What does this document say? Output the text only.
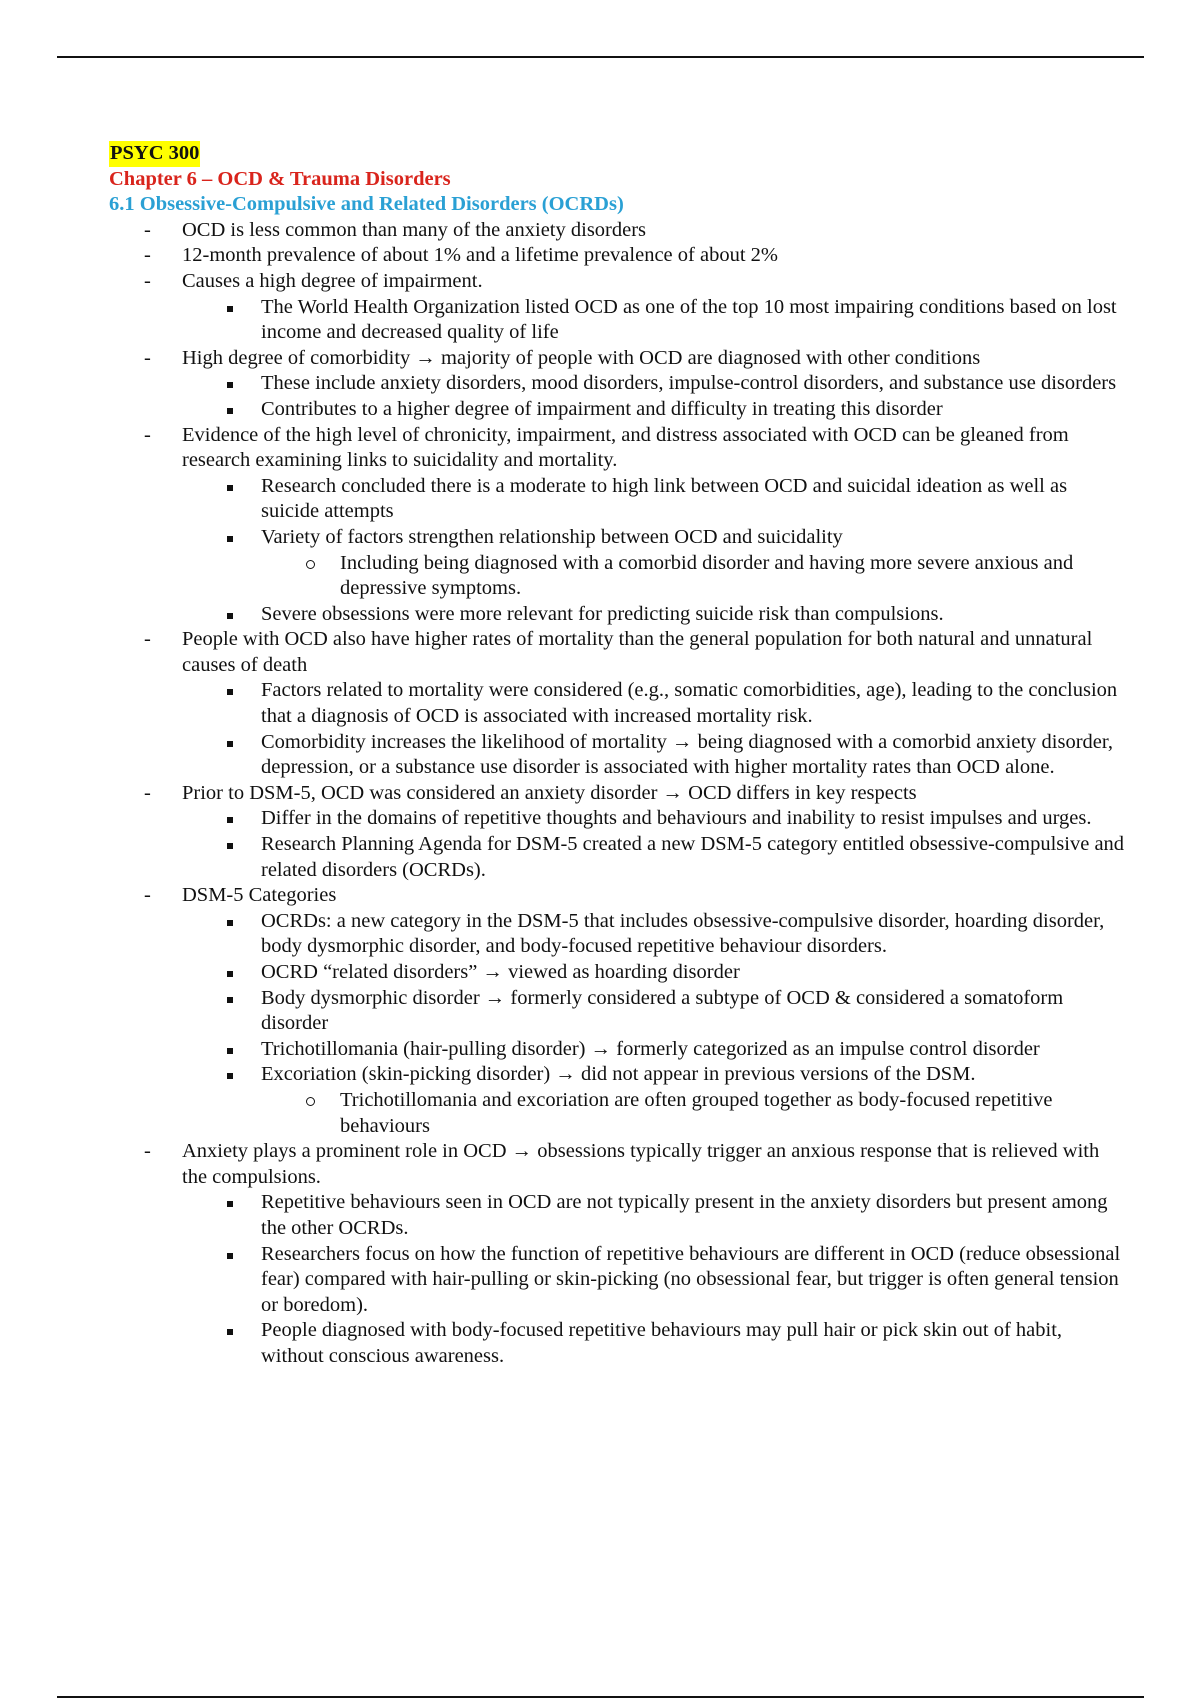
PSYC 300
Chapter 6 – OCD & Trauma Disorders
6.1 Obsessive-Compulsive and Related Disorders (OCRDs)
- OCD is less common than many of the anxiety disorders
- 12-month prevalence of about 1% and a lifetime prevalence of about 2%
- Causes a high degree of impairment.
The World Health Organization listed OCD as one of the top 10 most impairing conditions based on lost income and decreased quality of life
- High degree of comorbidity → majority of people with OCD are diagnosed with other conditions
These include anxiety disorders, mood disorders, impulse-control disorders, and substance use disorders
Contributes to a higher degree of impairment and difficulty in treating this disorder
- Evidence of the high level of chronicity, impairment, and distress associated with OCD can be gleaned from research examining links to suicidality and mortality.
Research concluded there is a moderate to high link between OCD and suicidal ideation as well as suicide attempts
Variety of factors strengthen relationship between OCD and suicidality
Including being diagnosed with a comorbid disorder and having more severe anxious and depressive symptoms.
Severe obsessions were more relevant for predicting suicide risk than compulsions.
- People with OCD also have higher rates of mortality than the general population for both natural and unnatural causes of death
Factors related to mortality were considered (e.g., somatic comorbidities, age), leading to the conclusion that a diagnosis of OCD is associated with increased mortality risk.
Comorbidity increases the likelihood of mortality → being diagnosed with a comorbid anxiety disorder, depression, or a substance use disorder is associated with higher mortality rates than OCD alone.
- Prior to DSM-5, OCD was considered an anxiety disorder → OCD differs in key respects
Differ in the domains of repetitive thoughts and behaviours and inability to resist impulses and urges.
Research Planning Agenda for DSM-5 created a new DSM-5 category entitled obsessive-compulsive and related disorders (OCRDs).
- DSM-5 Categories
OCRDs: a new category in the DSM-5 that includes obsessive-compulsive disorder, hoarding disorder, body dysmorphic disorder, and body-focused repetitive behaviour disorders.
OCRD “related disorders” → viewed as hoarding disorder
Body dysmorphic disorder → formerly considered a subtype of OCD & considered a somatoform disorder
Trichotillomania (hair-pulling disorder) → formerly categorized as an impulse control disorder
Excoriation (skin-picking disorder) → did not appear in previous versions of the DSM.
Trichotillomania and excoriation are often grouped together as body-focused repetitive behaviours
- Anxiety plays a prominent role in OCD → obsessions typically trigger an anxious response that is relieved with the compulsions.
Repetitive behaviours seen in OCD are not typically present in the anxiety disorders but present among the other OCRDs.
Researchers focus on how the function of repetitive behaviours are different in OCD (reduce obsessional fear) compared with hair-pulling or skin-picking (no obsessional fear, but trigger is often general tension or boredom).
People diagnosed with body-focused repetitive behaviours may pull hair or pick skin out of habit, without conscious awareness.
